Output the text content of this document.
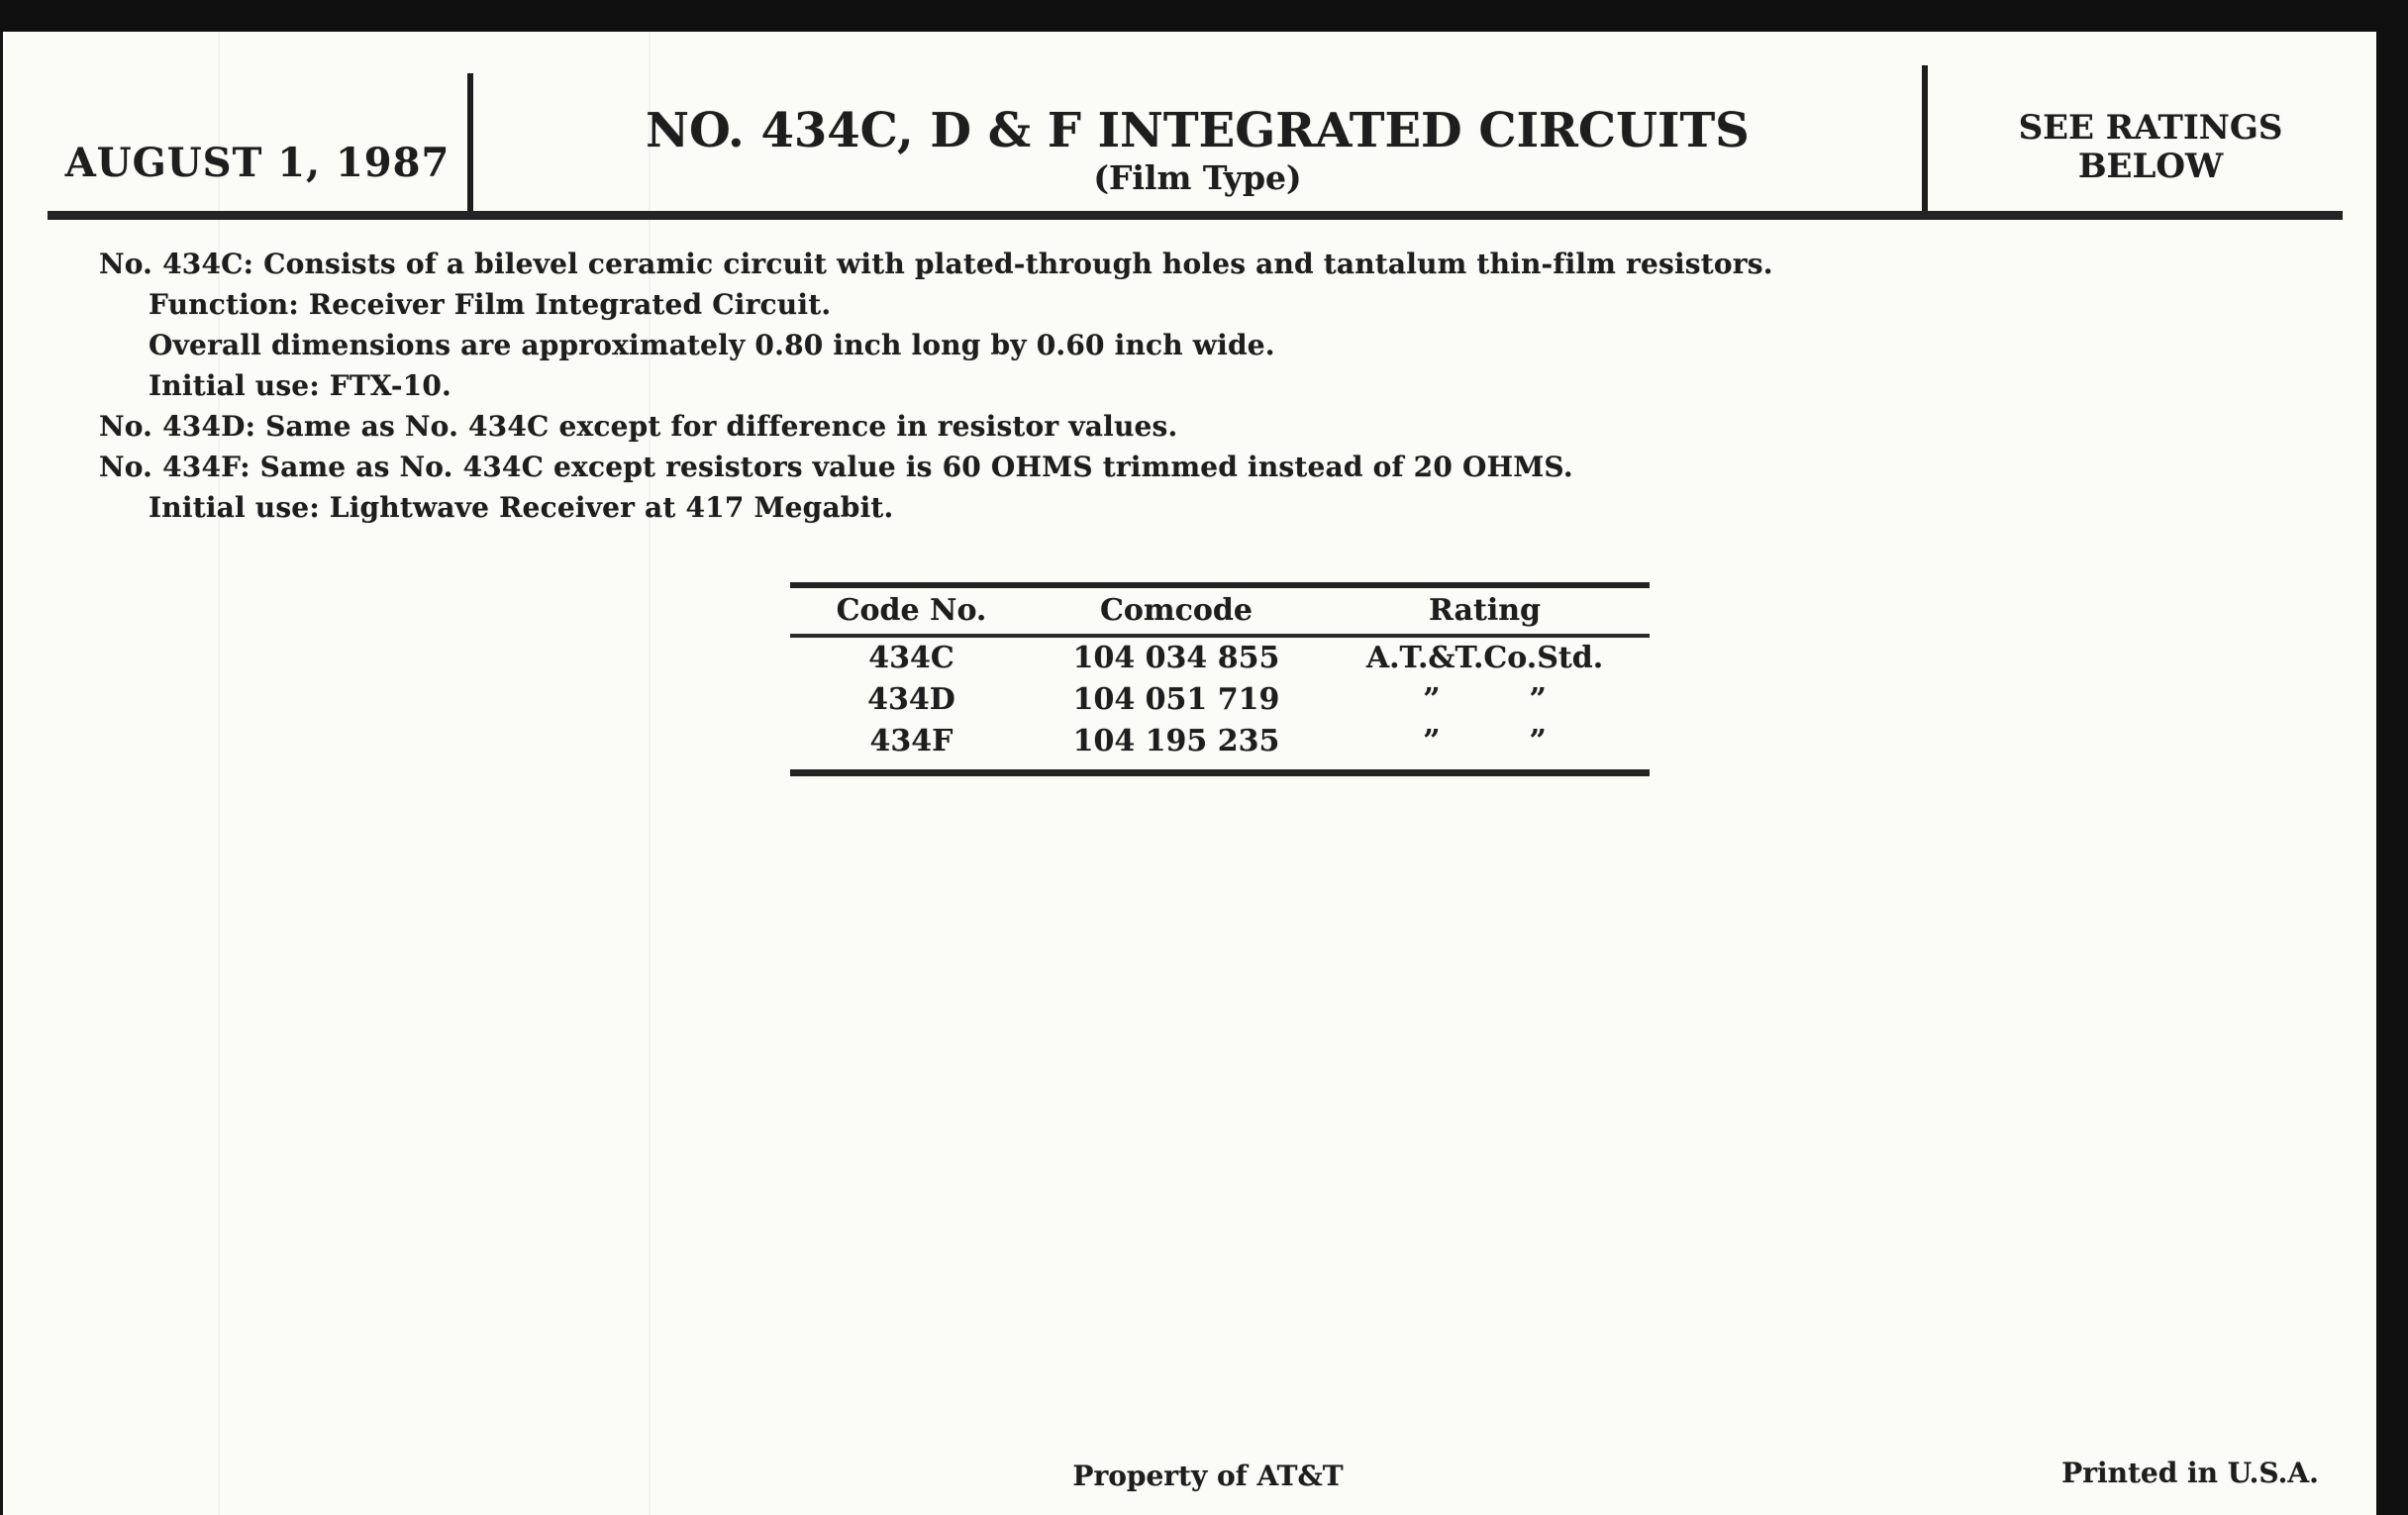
AUGUST 1, 1987
NO. 434C, D & F INTEGRATED CIRCUITS
(Film Type)
SEE RATINGS
BELOW
No. 434C: Consists of a bilevel ceramic circuit with plated-through holes and tantalum thin-film resistors.
Function: Receiver Film Integrated Circuit.
Overall dimensions are approximately 0.80 inch long by 0.60 inch wide.
Initial use: FTX-10.
No. 434D: Same as No. 434C except for difference in resistor values.
No. 434F: Same as No. 434C except resistors value is 60 OHMS trimmed instead of 20 OHMS.
Initial use: Lightwave Receiver at 417 Megabit.
Code No.	Comcode	Rating
434C	104 034 855	A.T.&T.Co.Std.
434D	104 051 719	”   ”
434F	104 195 235	”   ”
Property of AT&T	Printed in U.S.A.
